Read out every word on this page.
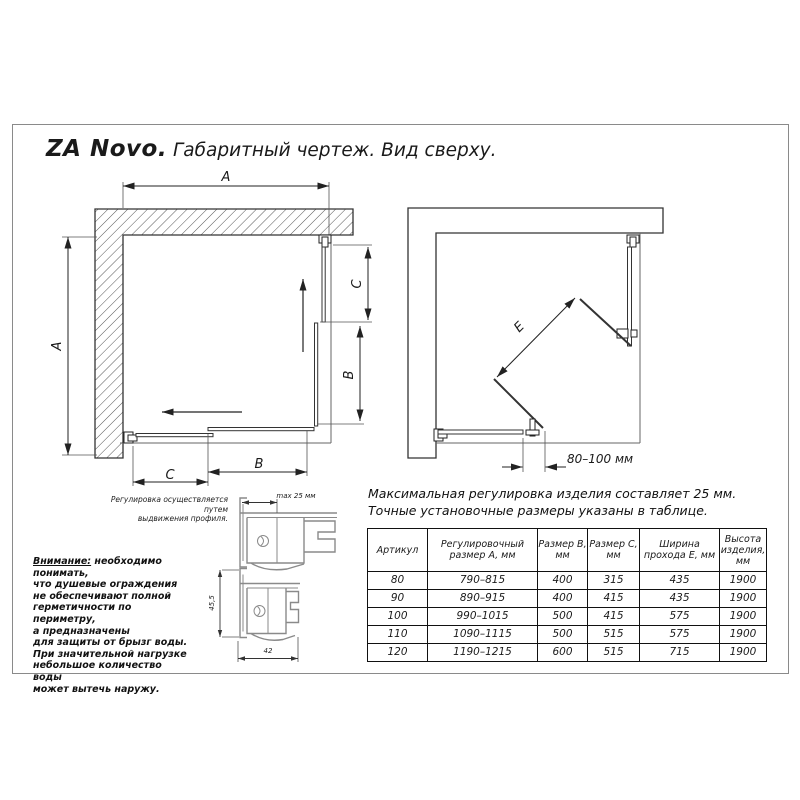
ZA Novo. Габаритный чертеж. Вид сверху.
A
A
C
B
C
B
E
80–100 мм
max 25 мм
45,5
42
Регулировка осуществляется путем
выдвижения профиля.
Максимальная регулировка изделия составляет 25 мм.
Точные установочные размеры указаны в таблице.
Внимание: необходимо понимать,
что душевые ограждения
не обеспечивают полной
герметичности по периметру,
а предназначены
для защиты от брызг воды.
При значительной нагрузке
небольшое количество воды
может вытечь наружу.
Артикул	Регулировочный размер A, мм	Размер B, мм	Размер C, мм	Ширина прохода E, мм	Высота изделия, мм
80	790–815	400	315	435	1900
90	890–915	400	415	435	1900
100	990–1015	500	415	575	1900
110	1090–1115	500	515	575	1900
120	1190–1215	600	515	715	1900
